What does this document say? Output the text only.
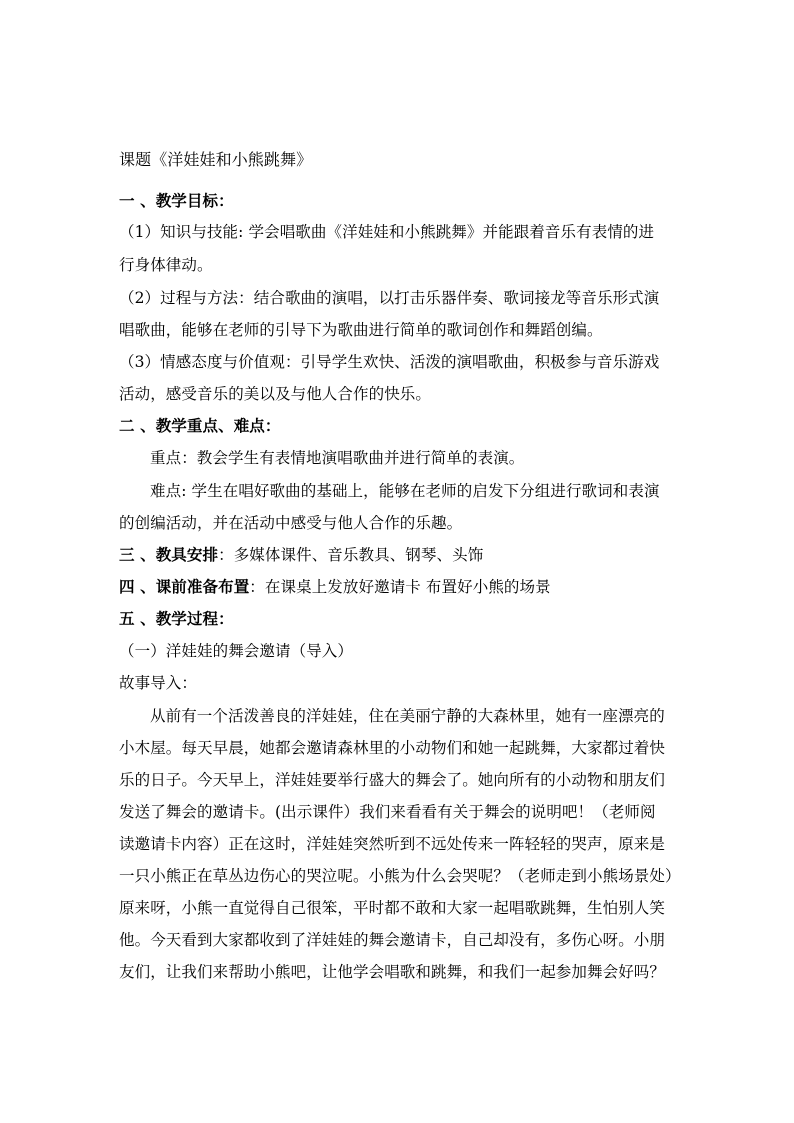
课题《洋娃娃和小熊跳舞》
一 、教学目标：
（1）知识与技能: 学会唱歌曲《洋娃娃和小熊跳舞》并能跟着音乐有表情的进
行身体律动。
（2）过程与方法：结合歌曲的演唱，以打击乐器伴奏、歌词接龙等音乐形式演
唱歌曲，能够在老师的引导下为歌曲进行简单的歌词创作和舞蹈创编。
（3）情感态度与价值观：引导学生欢快、活泼的演唱歌曲，积极参与音乐游戏
活动，感受音乐的美以及与他人合作的快乐。
二 、教学重点、难点：
重点：教会学生有表情地演唱歌曲并进行简单的表演。
难点: 学生在唱好歌曲的基础上，能够在老师的启发下分组进行歌词和表演
的创编活动，并在活动中感受与他人合作的乐趣。
三 、教具安排：多媒体课件、音乐教具、钢琴、头饰
四 、课前准备布置：在课桌上发放好邀请卡 布置好小熊的场景
五 、教学过程：
（一）洋娃娃的舞会邀请（导入）
故事导入：
从前有一个活泼善良的洋娃娃，住在美丽宁静的大森林里，她有一座漂亮的
小木屋。每天早晨，她都会邀请森林里的小动物们和她一起跳舞，大家都过着快
乐的日子。今天早上，洋娃娃要举行盛大的舞会了。她向所有的小动物和朋友们
发送了舞会的邀请卡。(出示课件）我们来看看有关于舞会的说明吧！（老师阅
读邀请卡内容）正在这时，洋娃娃突然听到不远处传来一阵轻轻的哭声，原来是
一只小熊正在草丛边伤心的哭泣呢。小熊为什么会哭呢？（老师走到小熊场景处）
原来呀，小熊一直觉得自己很笨，平时都不敢和大家一起唱歌跳舞，生怕别人笑
他。今天看到大家都收到了洋娃娃的舞会邀请卡，自己却没有，多伤心呀。小朋
友们，让我们来帮助小熊吧，让他学会唱歌和跳舞，和我们一起参加舞会好吗？
